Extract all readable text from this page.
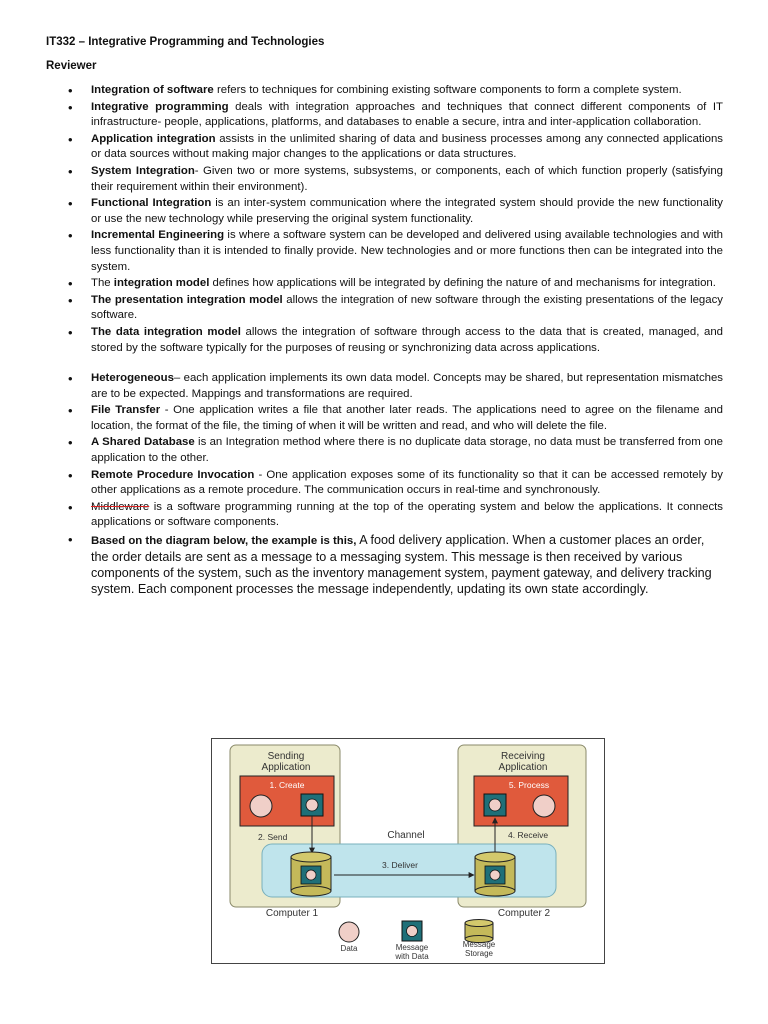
IT332 – Integrative Programming and Technologies
Reviewer
• Integration of software refers to techniques for combining existing software components to form a complete system.
• Integrative programming deals with integration approaches and techniques that connect different components of IT infrastructure- people, applications, platforms, and databases to enable a secure, intra and inter-application collaboration.
• Application integration assists in the unlimited sharing of data and business processes among any connected applications or data sources without making major changes to the applications or data structures.
• System Integration- Given two or more systems, subsystems, or components, each of which function properly (satisfying their requirement within their environment).
• Functional Integration is an inter-system communication where the integrated system should provide the new functionality or use the new technology while preserving the original system functionality.
• Incremental Engineering is where a software system can be developed and delivered using available technologies and with less functionality than it is intended to finally provide. New technologies and or more functions then can be integrated into the system.
• The integration model defines how applications will be integrated by defining the nature of and mechanisms for integration.
• The presentation integration model allows the integration of new software through the existing presentations of the legacy software.
• The data integration model allows the integration of software through access to the data that is created, managed, and stored by the software typically for the purposes of reusing or synchronizing data across applications.
• Heterogeneous– each application implements its own data model. Concepts may be shared, but representation mismatches are to be expected. Mappings and transformations are required.
• File Transfer - One application writes a file that another later reads. The applications need to agree on the filename and location, the format of the file, the timing of when it will be written and read, and who will delete the file.
• A Shared Database is an Integration method where there is no duplicate data storage, no data must be transferred from one application to the other.
• Remote Procedure Invocation - One application exposes some of its functionality so that it can be accessed remotely by other applications as a remote procedure. The communication occurs in real-time and synchronously.
• Middleware is a software programming running at the top of the operating system and below the applications. It connects applications or software components.
• Based on the diagram below, the example is this, A food delivery application. When a customer places an order, the order details are sent as a message to a messaging system. This message is then received by various components of the system, such as the inventory management system, payment gateway, and delivery tracking system. Each component processes the message independently, updating its own state accordingly.
Sending
Application
Receiving
Application
1. Create	5. Process
Channel
2. Send	4. Receive
3. Deliver
Computer 1	Computer 2
Data	Message
with Data
Message
Storage
